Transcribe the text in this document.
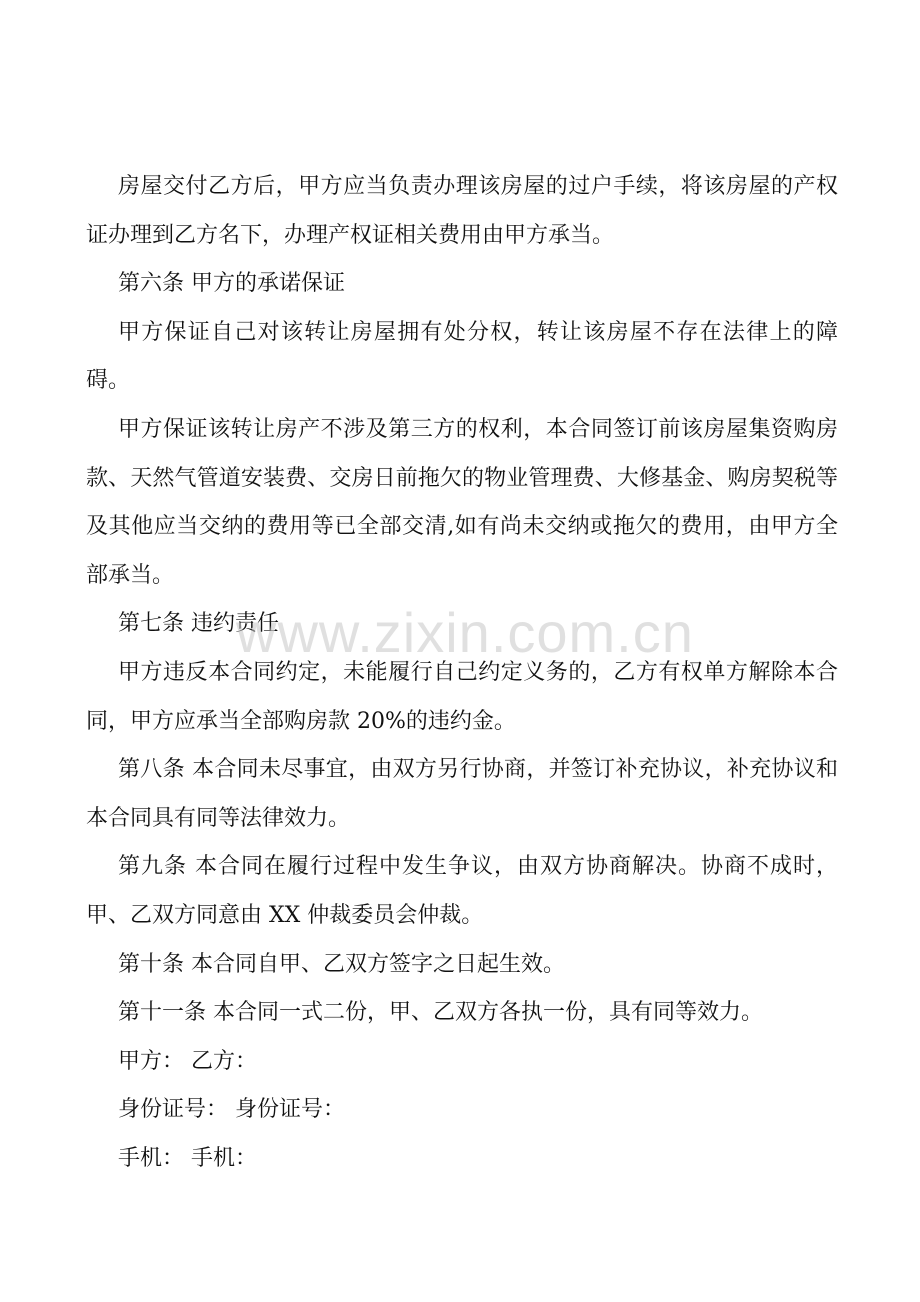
房屋交付乙方后，甲方应当负责办理该房屋的过户手续，将该房屋的产权证办理到乙方名下，办理产权证相关费用由甲方承当。

第六条 甲方的承诺保证

甲方保证自己对该转让房屋拥有处分权，转让该房屋不存在法律上的障碍。

甲方保证该转让房产不涉及第三方的权利，本合同签订前该房屋集资购房款、天然气管道安装费、交房日前拖欠的物业管理费、大修基金、购房契税等及其他应当交纳的费用等已全部交清,如有尚未交纳或拖欠的费用，由甲方全部承当。

第七条 违约责任

甲方违反本合同约定，未能履行自己约定义务的，乙方有权单方解除本合同，甲方应承当全部购房款 20%的违约金。

第八条 本合同未尽事宜，由双方另行协商，并签订补充协议，补充协议和本合同具有同等法律效力。

第九条 本合同在履行过程中发生争议，由双方协商解决。协商不成时，甲、乙双方同意由 XX 仲裁委员会仲裁。

第十条 本合同自甲、乙双方签字之日起生效。

第十一条 本合同一式二份，甲、乙双方各执一份，具有同等效力。

甲方： 乙方：

身份证号： 身份证号：

手机： 手机：

www.zixin.com.cn
